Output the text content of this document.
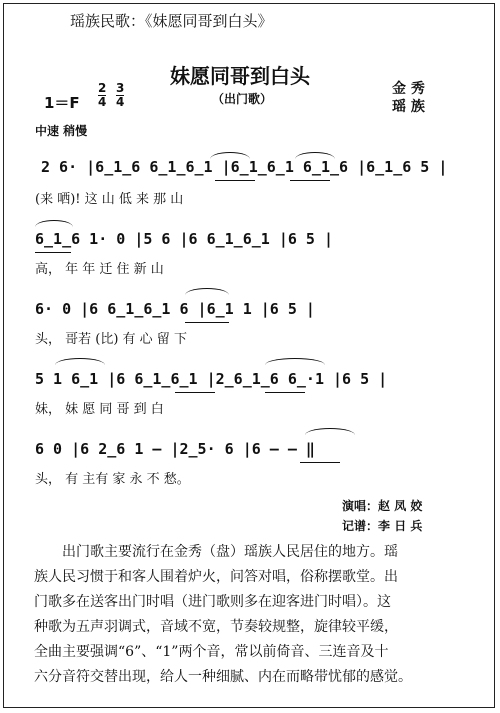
瑶族民歌：《妹愿同哥到白头》
妹愿同哥到白头
（出门歌）
1＝F
2
4
3
4
金 秀
瑶 族
中速 稍慢
2 6· |6̲1̲6 6̲1̲6̲1 |6̲1̲6̲1 6̲1̲6 |6̲1̲6 5 |
(来 哂)! 这 山 低 来 那 山
6̲1̲6 1· 0 |5 6 |6 6̲1̲6̲1 |6 5 |
高， 年 年 迁 住 新 山
6· 0 |6 6̲1̲6̲1 6 |6̲1 1 |6 5 |
头， 哥若 (比) 有 心 留 下
5 1 6̲1 |6 6̲1̲6̲1 |2̲6̲1̲6 6̲·1 |6 5 |
妹， 妹 愿 同 哥 到 白
6 0 |6 2̲6 1 — |2̲5· 6 |6 — — ‖
头， 有 主有 家 永 不 愁。
演唱：赵 凤 姣
记谱：李 日 兵

出门歌主要流行在金秀（盘）瑶族人民居住的地方。瑶

族人民习惯于和客人围着炉火，问答对唱，俗称摆歌堂。出

门歌多在送客出门时唱（进门歌则多在迎客进门时唱）。这

种歌为五声羽调式，音域不宽，节奏较规整，旋律较平缓，

全曲主要强调“6”、“1”两个音，常以前倚音、三连音及十

六分音符交替出现，给人一种细腻、内在而略带忧郁的感觉。
